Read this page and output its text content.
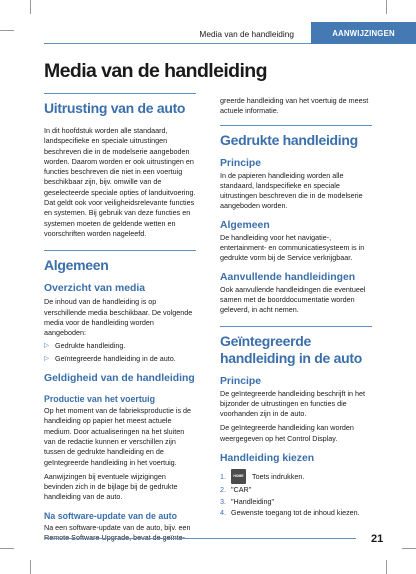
Media van de handleiding	AANWIJZINGEN
Media van de handleiding
Uitrusting van de auto

In dit hoofdstuk worden alle standaard, landspecifieke en speciale uitrustingen beschreven die in de modelserie aangeboden worden. Daarom worden er ook uitrustingen en functies beschreven die niet in een voertuig beschikbaar zijn, bijv. omwille van de geselecteerde speciale opties of landuitvoering. Dat geldt ook voor veiligheidsrelevante functies en systemen. Bij gebruik van deze functies en systemen moeten de geldende wetten en voorschriften worden nageleefd.

Algemeen
Overzicht van media

De inhoud van de handleiding is op verschillende media beschikbaar. De volgende media voor de handleiding worden aangeboden:

▷ Gedrukte handleiding.
▷ Geïntegreerde handleiding in de auto.
Geldigheid van de handleiding
Productie van het voertuig

Op het moment van de fabrieksproductie is de handleiding op papier het meest actuele medium. Door actualiseringen na het sluiten van de redactie kunnen er verschillen zijn tussen de gedrukte handleiding en de geïntegreerde handleiding in het voertuig.

Aanwijzingen bij eventuele wijzigingen bevinden zich in de bijlage bij de gedrukte handleiding van de auto.

Na software-update van de auto

Na een software-update van de auto, bijv. een

greerde handleiding van het voertuig de meest actuele informatie.

Gedrukte handleiding
Principe

In de papieren handleiding worden alle standaard, landspecifieke en speciale uitrustingen beschreven die in de modelserie aangeboden worden.

Algemeen

De handleiding voor het navigatie-, entertainment- en communicatiesysteem is in gedrukte vorm bij de Service verkrijgbaar.

Aanvullende handleidingen

Ook aanvullende handleidingen die eventueel samen met de boorddocumentatie worden geleverd, in acht nemen.

Geïntegreerde handleiding in de auto
Principe

De geïntegreerde handleiding beschrijft in het bijzonder de uitrustingen en functies die voorhanden zijn in de auto.

De geïntegreerde handleiding kan worden weergegeven op het Control Display.

Handleiding kiezen
1.	HOME	Toets indrukken.
2. "CAR"
3. "Handleiding"
4. Gewenste toegang tot de inhoud kiezen.
21
